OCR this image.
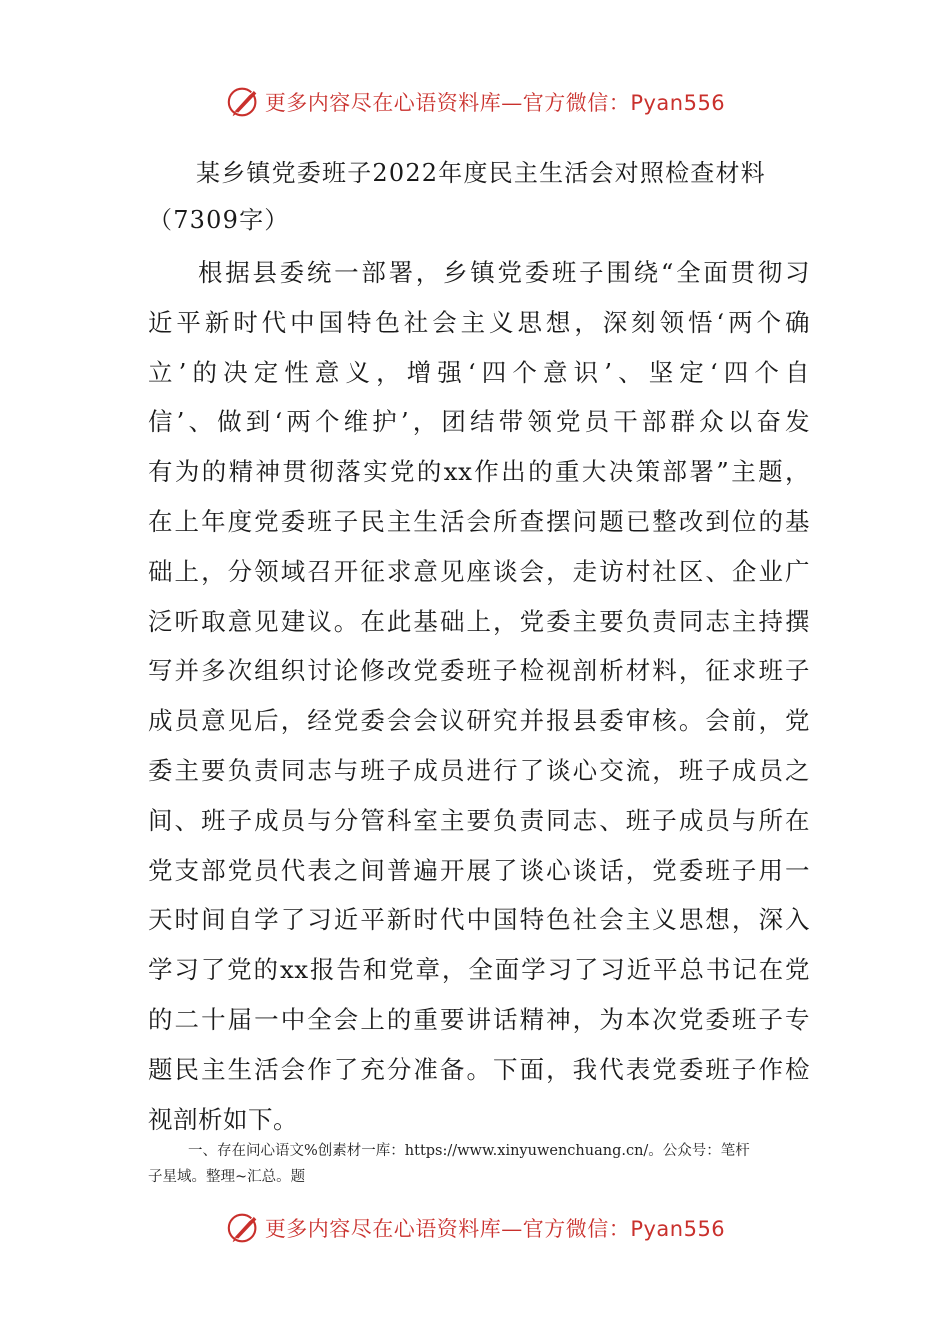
更多内容尽在心语资料库—官方微信：Pyan556
某乡镇党委班子2022年度民主生活会对照检查材料
（7309字）
根据县委统一部署，乡镇党委班子围绕“全面贯彻习
近平新时代中国特色社会主义思想，深刻领悟‘两个确
立’的决定性意义，增强‘四个意识’、坚定‘四个自
信’、做到‘两个维护’，团结带领党员干部群众以奋发
有为的精神贯彻落实党的xx作出的重大决策部署”主题，
在上年度党委班子民主生活会所查摆问题已整改到位的基
础上，分领域召开征求意见座谈会，走访村社区、企业广
泛听取意见建议。在此基础上，党委主要负责同志主持撰
写并多次组织讨论修改党委班子检视剖析材料，征求班子
成员意见后，经党委会会议研究并报县委审核。会前，党
委主要负责同志与班子成员进行了谈心交流，班子成员之
间、班子成员与分管科室主要负责同志、班子成员与所在
党支部党员代表之间普遍开展了谈心谈话，党委班子用一
天时间自学了习近平新时代中国特色社会主义思想，深入
学习了党的xx报告和党章，全面学习了习近平总书记在党
的二十届一中全会上的重要讲话精神，为本次党委班子专
题民主生活会作了充分准备。下面，我代表党委班子作检
视剖析如下。
一、存在问心语文%创素材一库：https://www.xinyuwenchuang.cn/。公众号：笔杆
子星域。整理~汇总。题
更多内容尽在心语资料库—官方微信：Pyan556
